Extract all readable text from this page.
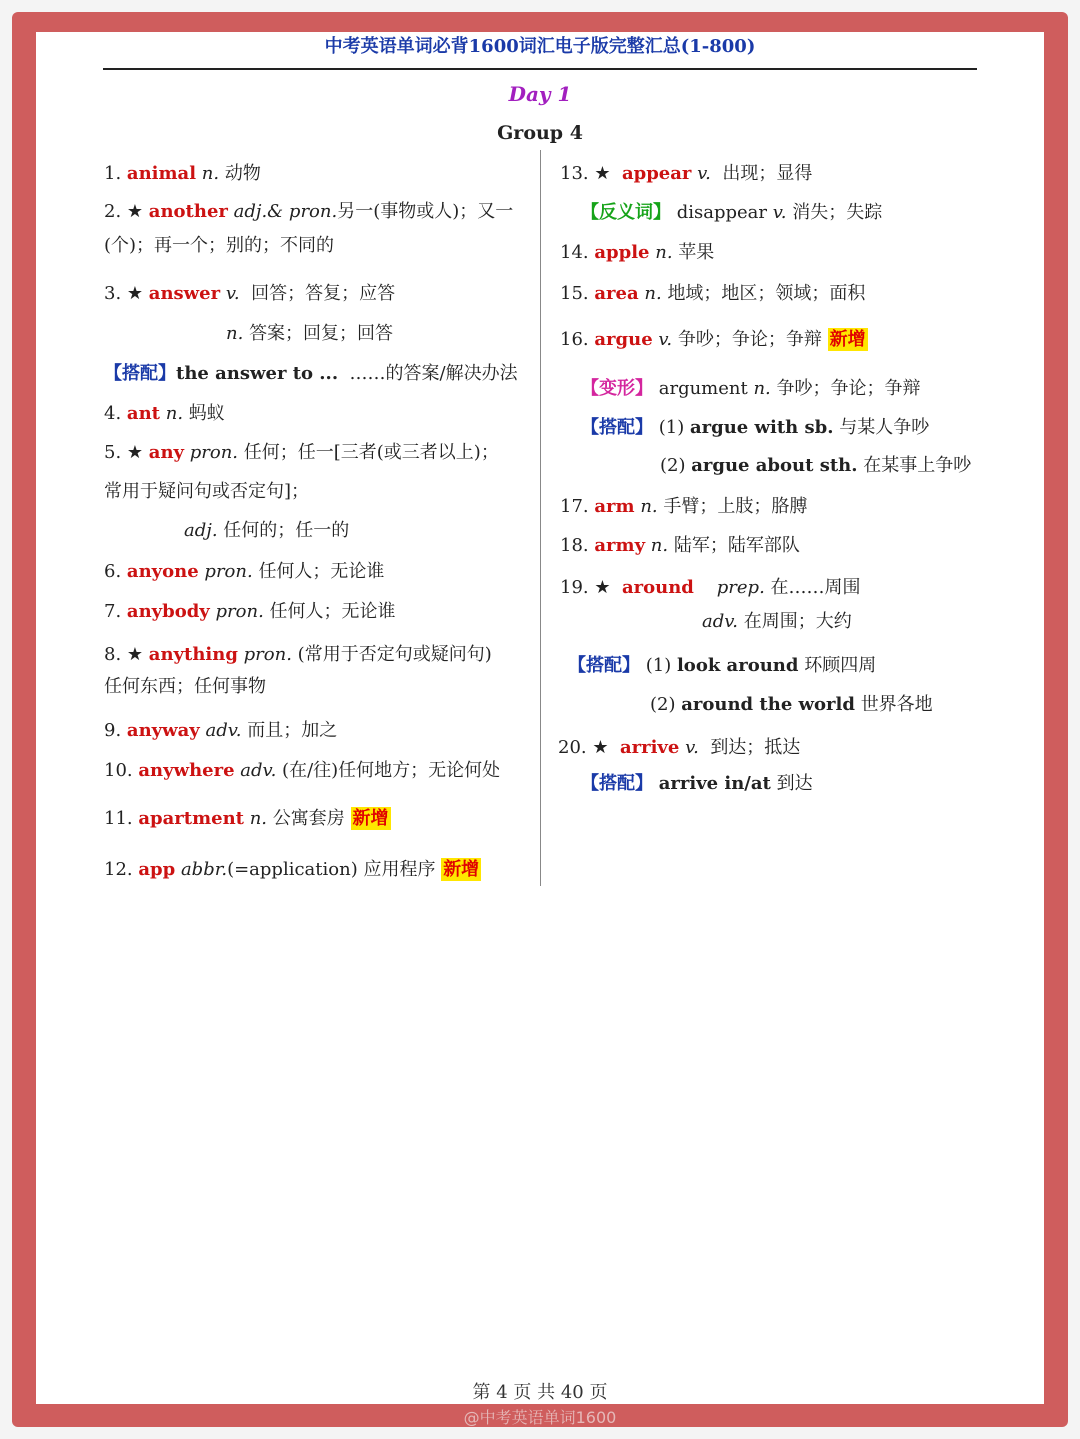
中考英语单词必背1600词汇电子版完整汇总(1-800)
Day 1
Group 4
1. animal n. 动物
2. ★ another adj.& pron.另一(事物或人)；又一
(个)；再一个；别的；不同的
3. ★ answer v. 回答；答复；应答
n. 答案；回复；回答
【搭配】the answer to ... ……的答案/解决办法
4. ant n. 蚂蚁
5. ★ any pron. 任何；任一[三者(或三者以上)；
常用于疑问句或否定句]；
adj. 任何的；任一的
6. anyone pron. 任何人；无论谁
7. anybody pron. 任何人；无论谁
8. ★ anything pron. (常用于否定句或疑问句)
任何东西；任何事物
9. anyway adv. 而且；加之
10. anywhere adv. (在/往)任何地方；无论何处
11. apartment n. 公寓套房 新增
12. app abbr.(=application) 应用程序 新增
13. ★ appear v. 出现；显得
【反义词】 disappear v. 消失；失踪
14. apple n. 苹果
15. area n. 地域；地区；领域；面积
16. argue v. 争吵；争论；争辩 新增
【变形】 argument n. 争吵；争论；争辩
【搭配】 (1) argue with sb. 与某人争吵
(2) argue about sth. 在某事上争吵
17. arm n. 手臂；上肢；胳膊
18. army n. 陆军；陆军部队
19. ★ around prep. 在……周围
adv. 在周围；大约
【搭配】 (1) look around 环顾四周
(2) around the world 世界各地
20. ★ arrive v. 到达；抵达
【搭配】 arrive in/at 到达
第 4 页 共 40 页
@中考英语单词1600
